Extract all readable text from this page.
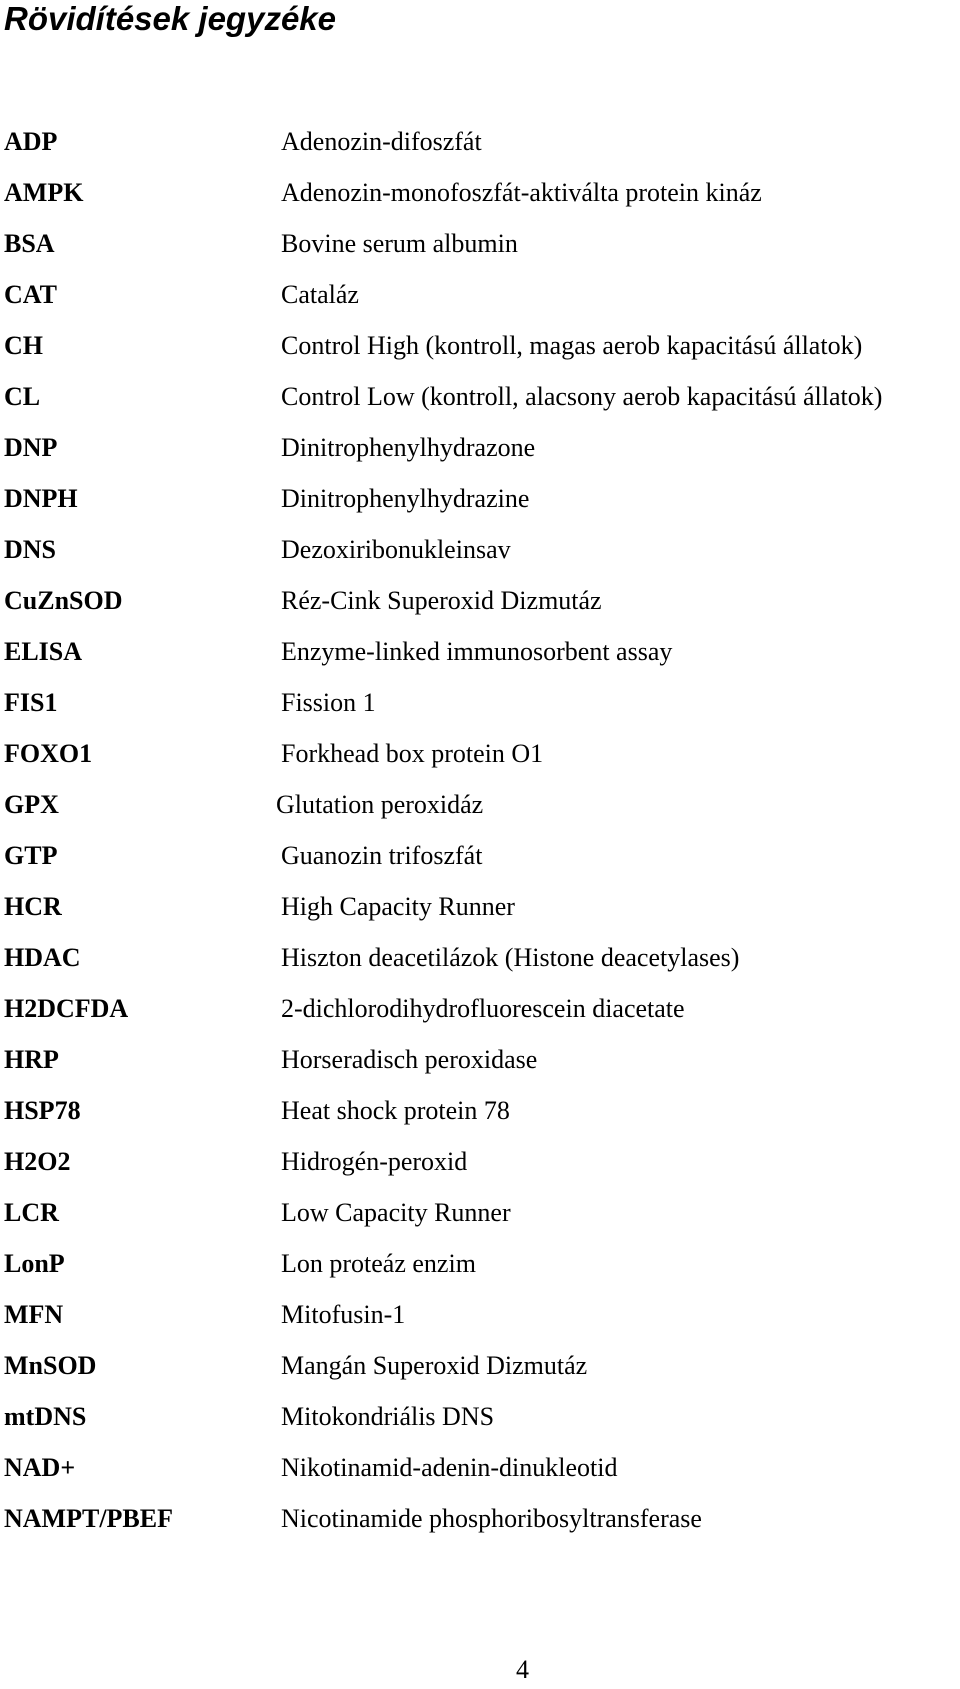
Rövidítések jegyzéke
ADP	Adenozin-difoszfát
AMPK	Adenozin-monofoszfát-aktiválta protein kináz
BSA	Bovine serum albumin
CAT	Cataláz
CH	Control High (kontroll, magas aerob kapacitású állatok)
CL	Control Low (kontroll, alacsony aerob kapacitású állatok)
DNP	Dinitrophenylhydrazone
DNPH	Dinitrophenylhydrazine
DNS	Dezoxiribonukleinsav
CuZnSOD	Réz-Cink Superoxid Dizmutáz
ELISA	Enzyme-linked immunosorbent assay
FIS1	Fission 1
FOXO1	Forkhead box protein O1
GPX	Glutation peroxidáz
GTP	Guanozin trifoszfát
HCR	High Capacity Runner
HDAC	Hiszton deacetilázok (Histone deacetylases)
H2DCFDA	2-dichlorodihydrofluorescein diacetate
HRP	Horseradisch peroxidase
HSP78	Heat shock protein 78
H2O2	Hidrogén-peroxid
LCR	Low Capacity Runner
LonP	Lon proteáz enzim
MFN	Mitofusin-1
MnSOD	Mangán Superoxid Dizmutáz
mtDNS	Mitokondriális DNS
NAD+	Nikotinamid-adenin-dinukleotid
NAMPT/PBEF	Nicotinamide phosphoribosyltransferase
4
